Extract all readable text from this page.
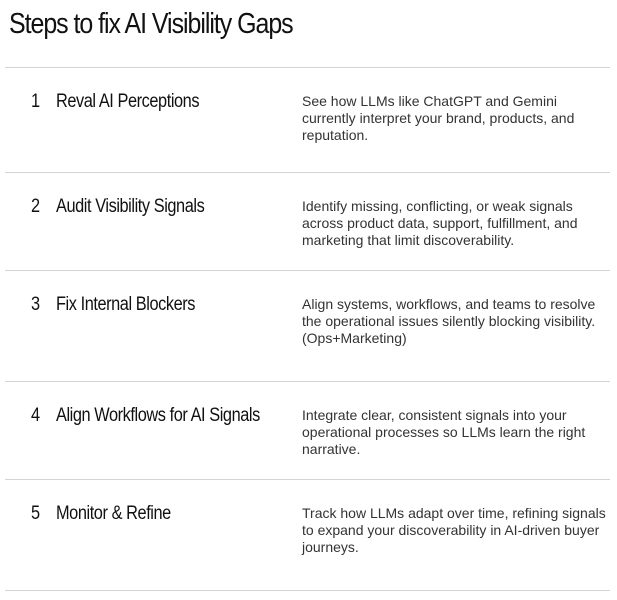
Steps to fix AI Visibility Gaps
1 Reval AI Perceptions	See how LLMs like ChatGPT and Gemini currently interpret your brand, products, and reputation.
2 Audit Visibility Signals	Identify missing, conflicting, or weak signals across product data, support, fulfillment, and marketing that limit discoverability.
3 Fix Internal Blockers	Align systems, workflows, and teams to resolve the operational issues silently blocking visibility. (Ops+Marketing)
4 Align Workflows for AI Signals	Integrate clear, consistent signals into your operational processes so LLMs learn the right narrative.
5 Monitor & Refine	Track how LLMs adapt over time, refining signals to expand your discoverability in AI-driven buyer journeys.
